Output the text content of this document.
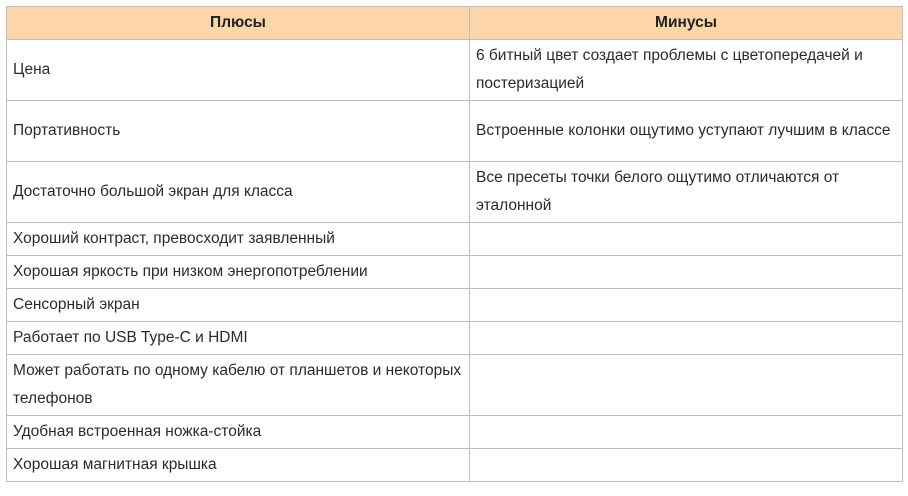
Плюсы	Минусы
Цена	6 битный цвет создает проблемы с цветопередачей и постеризацией
Портативность	Встроенные колонки ощутимо уступают лучшим в классе
Достаточно большой экран для класса	Все пресеты точки белого ощутимо отличаются от эталонной
Хороший контраст, превосходит заявленный	
Хорошая яркость при низком энергопотреблении	
Сенсорный экран	
Работает по USB Type-C и HDMI	
Может работать по одному кабелю от планшетов и некоторых телефонов	
Удобная встроенная ножка-стойка	
Хорошая магнитная крышка	
